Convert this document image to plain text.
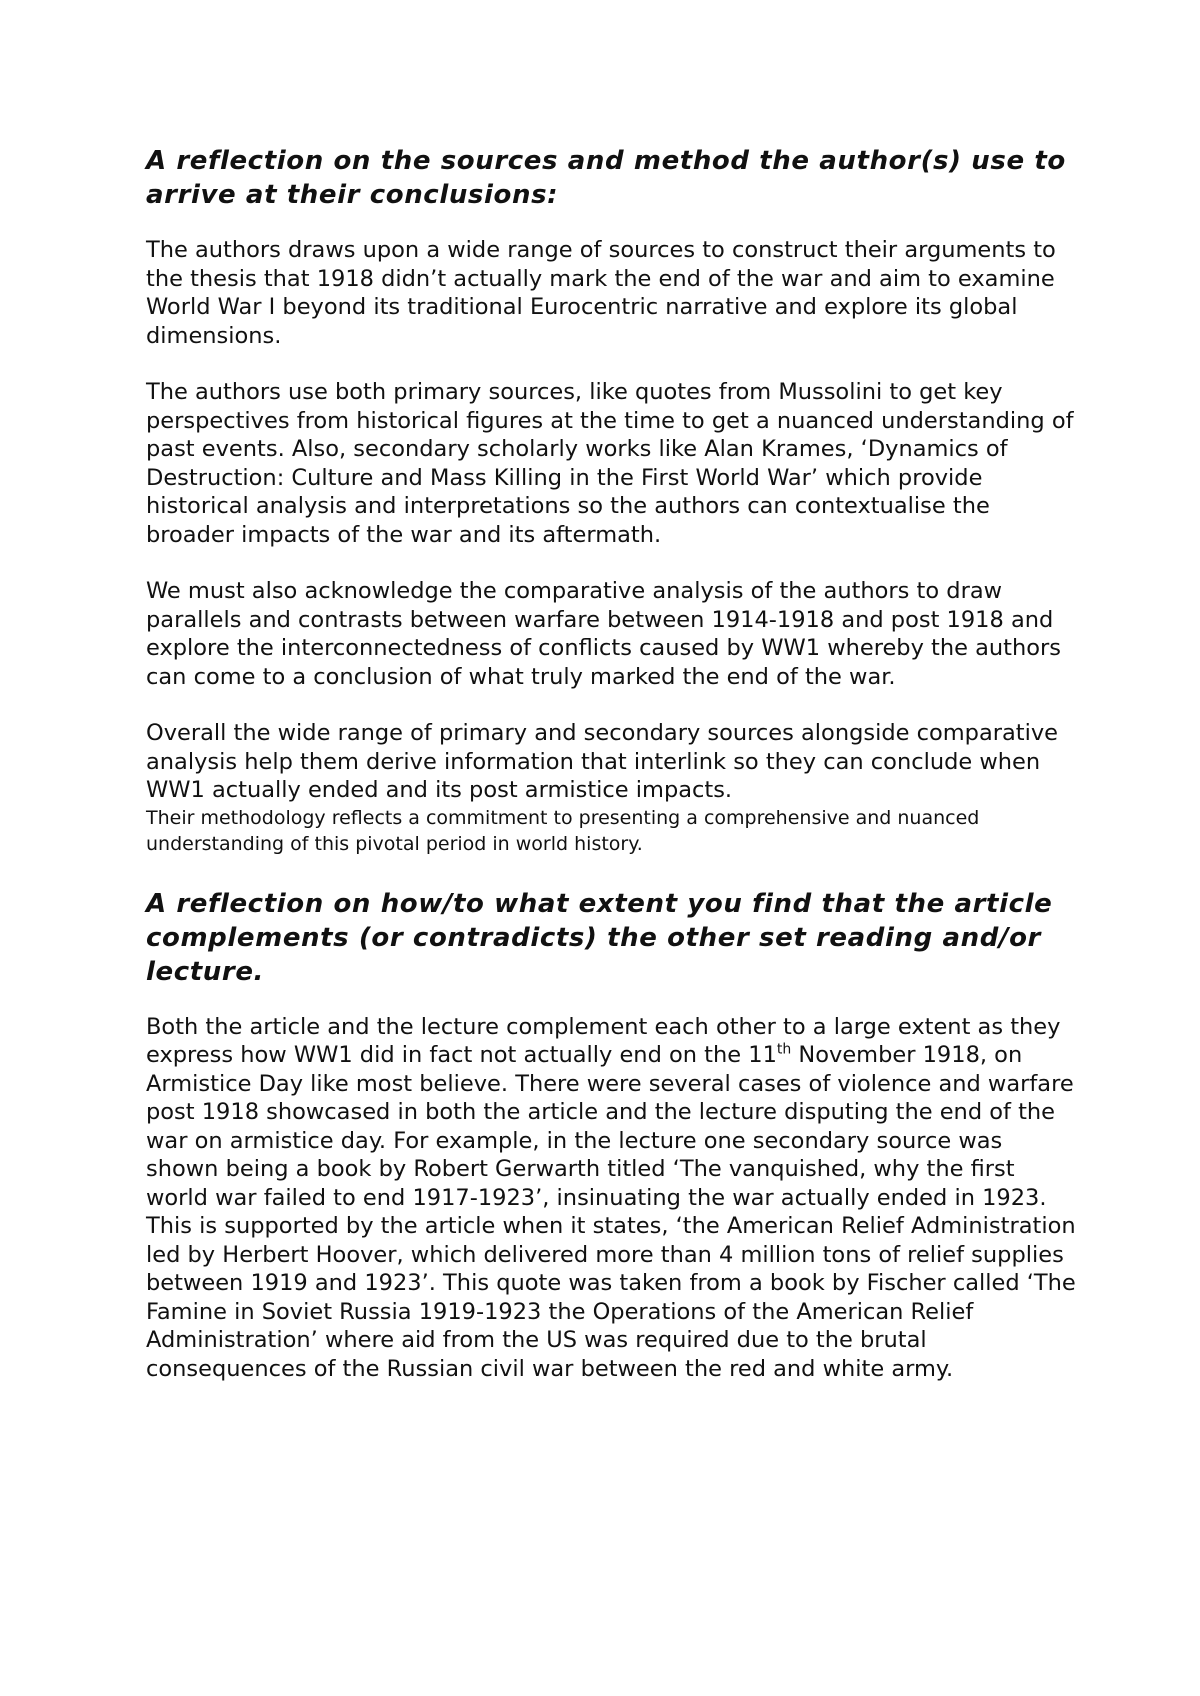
A reflection on the sources and method the author(s) use to arrive at their conclusions:

The authors draws upon a wide range of sources to construct their arguments to the thesis that 1918 didn’t actually mark the end of the war and aim to examine World War I beyond its traditional Eurocentric narrative and explore its global dimensions.

The authors use both primary sources, like quotes from Mussolini to get key perspectives from historical figures at the time to get a nuanced understanding of past events. Also, secondary scholarly works like Alan Krames, ‘Dynamics of Destruction: Culture and Mass Killing in the First World War’ which provide historical analysis and interpretations so the authors can contextualise the broader impacts of the war and its aftermath.

We must also acknowledge the comparative analysis of the authors to draw parallels and contrasts between warfare between 1914-1918 and post 1918 and explore the interconnectedness of conflicts caused by WW1 whereby the authors can come to a conclusion of what truly marked the end of the war.

Overall the wide range of primary and secondary sources alongside comparative analysis help them derive information that interlink so they can conclude when WW1 actually ended and its post armistice impacts.

Their methodology reflects a commitment to presenting a comprehensive and nuanced understanding of this pivotal period in world history.

A reflection on how/to what extent you find that the article complements (or contradicts) the other set reading and/or lecture.

Both the article and the lecture complement each other to a large extent as they express how WW1 did in fact not actually end on the 11th November 1918, on Armistice Day like most believe. There were several cases of violence and warfare post 1918 showcased in both the article and the lecture disputing the end of the war on armistice day. For example, in the lecture one secondary source was shown being a book by Robert Gerwarth titled ‘The vanquished, why the first world war failed to end 1917-1923’, insinuating the war actually ended in 1923. This is supported by the article when it states, ‘the American Relief Administration led by Herbert Hoover, which delivered more than 4 million tons of relief supplies between 1919 and 1923’. This quote was taken from a book by Fischer called ‘The Famine in Soviet Russia 1919-1923 the Operations of the American Relief Administration’ where aid from the US was required due to the brutal consequences of the Russian civil war between the red and white army.
